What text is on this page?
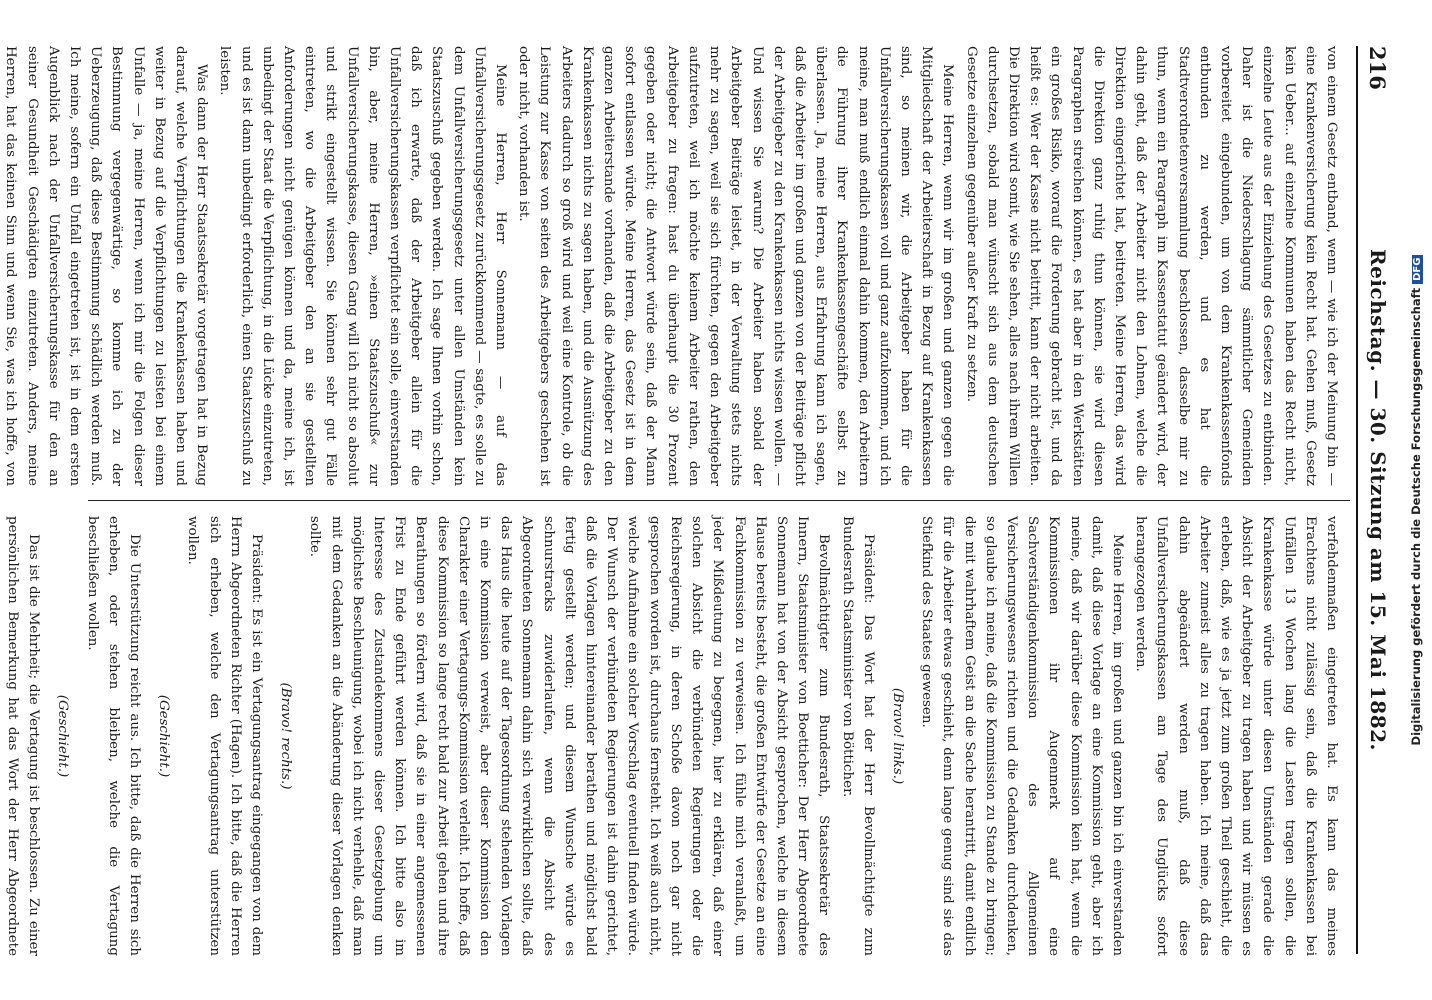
216
Reichstag. — 30. Sitzung am 15. Mai 1882.

von einem Gesetz entband, wenn — wie ich der Meinung bin — eine Krankenversicherung kein Recht hat. Gehen muß, Gesetz kein Ueber... auf einzelne Kommunen haben das Recht nicht, einzelne Leute aus der Einziehung des Gesetzes zu entbinden. Daher ist die Niederschlagung sämmtlicher Gemeinden vorbereitet eingebunden, um von dem Krankenkassenfonds entbunden zu werden, und es hat die Stadtverordnetenversammlung beschlossen, dasselbe mir zu thun, wenn ein Paragraph im Kassenstatut geändert wird, der dahin geht, daß der Arbeiter nicht den Lohnen, welche die Direktion eingerichtet hat, beitreten. Meine Herren, das wird die Direktion ganz ruhig thun können, sie wird diesen Paragraphen streichen können, es hat aber in den Werkstätten ein großes Risiko, worauf die Forderung gebracht ist, und da heißt es: Wer der Kasse nicht beitritt, kann der nicht arbeiten. Die Direktion wird somit, wie Sie sehen, alles nach ihrem Willen durchsetzen, sobald man wünscht sich aus dem deutschen Gesetze einzelnen gegenüber außer Kraft zu setzen.

Meine Herren, wenn wir im großen und ganzen gegen die Mitgliedschaft der Arbeiterschaft in Bezug auf Krankenkassen sind, so meinen wir, die Arbeitgeber haben für die Unfallversicherungskassen voll und ganz aufzukommen, und ich meine, man muß endlich einmal dahin kommen, den Arbeitern die Führung ihrer Krankenkassengeschäfte selbst zu überlassen. Ja, meine Herren, aus Erfahrung kann ich sagen, daß die Arbeiter im großen und ganzen von der Beiträge pflicht der Arbeitgeber zu den Krankenkassen nichts wissen wollen. — Und wissen Sie warum? Die Arbeiter haben sobald der Arbeitgeber Beiträge leistet, in der Verwaltung stets nichts mehr zu sagen, weil sie sich fürchten, gegen den Arbeitgeber aufzutreten, weil ich möchte keinem Arbeiter rathen, den Arbeitgeber zu fragen: hast du überhaupt die 30 Prozent gegeben oder nicht; die Antwort würde sein, daß der Mann sofort entlassen würde. Meine Herren, das Gesetz ist in dem ganzen Arbeiterstande vorhanden, daß die Arbeitgeber zu den Krankenkassen nichts zu sagen haben, und die Ausnützung des Arbeiters dadurch so groß wird und weil eine Kontrole, ob die Leistung zur Kasse von seiten des Arbeitgebers geschehen ist oder nicht, vorhanden ist.

Meine Herren, Herr Sonnemann — auf das Unfallversicherungsgesetz zurückkommend — sagte, es solle zu dem Unfallversicherungsgesetz unter allen Umständen kein Staatszuschuß gegeben werden. Ich sage Ihnen vorhin schon, daß ich erwarte, daß der Arbeitgeber allein für die Unfallversicherungskassen verpflichtet sein solle, einverstanden bin, aber, meine Herren, »einen Staatszuschuß« zur Unfallversicherungskasse, diesen Gang will ich nicht so absolut und strikt eingestellt wissen. Sie können sehr gut Fälle eintreten, wo die Arbeitgeber den an sie gestellten Anforderungen nicht genügen können und da, meine ich, ist unbedingt der Staat die Verpflichtung, in die Lücke einzutreten, und es ist dann unbedingt erforderlich, einen Staatszuschuß zu leisten.

Was dann der Herr Staatssekretär vorgetragen hat in Bezug darauf, welche Verpflichtungen die Krankenkassen haben und weiter in Bezug auf die Verpflichtungen zu leisten bei einem Unfalle — ja, meine Herren, wenn ich mir die Folgen dieser Bestimmung vergegenwärtige, so komme ich zu der Ueberzeugung, daß diese Bestimmung schädlich werden muß. Ich meine, sofern ein Unfall eingetreten ist, ist in dem ersten Augenblick nach der Unfallversicherungskasse für den an seiner Gesundheit Geschädigten einzutreten. Anders, meine Herren, hat das keinen Sinn und wenn Sie, was ich hoffe, von

verfehdenmaßen eingetreten hat. Es kann das meines Erachtens nicht zulässig sein, daß die Krankenkassen bei Unfällen 13 Wochen lang die Lasten tragen sollen, die Krankenkasse würde unter diesen Umständen gerade die Absicht der Arbeitgeber zu tragen haben und wir müssen es erleben, daß, wie es ja jetzt zum großen Theil geschieht, die Arbeiter zumeist alles zu tragen haben. Ich meine, daß das dahin abgeändert werden muß, daß diese Unfallversicherungskassen am Tage des Unglücks sofort herangezogen werden.

Meine Herren, im großen und ganzen bin ich einverstanden damit, daß diese Vorlage an eine Kommission geht, aber ich meine, daß wir darüber diese Kommission kein hat, wenn die Kommissionen ihr Augenmerk auf eine Sachverständigenkommission des Allgemeinen Versicherungswesens richten und die Gedanken durchdenken, so glaube ich meine, daß die Kommission zu Stande zu bringen; die mit wahrhaftem Geist an die Sache herantritt, damit endlich für die Arbeiter etwas geschieht, denn lange genug sind sie das Stiefkind des Staates gewesen.

(Bravo! links.)

Präsident: Das Wort hat der Herr Bevollmächtigte zum Bundesrath Staatsminister von Bötticher.

Bevollmächtigter zum Bundesrath, Staatssekretär des Innern, Staatsminister von Boetticher: Der Herr Abgeordnete Sonnemann hat von der Absicht gesprochen, welche in diesem Hause bereits besteht, die großen Entwürfe der Gesetze an eine Fachkommission zu verweisen. Ich fühle mich veranlaßt, um jeder Mißdeutung zu begegnen, hier zu erklären, daß einer solchen Absicht die verbündeten Regierungen oder die Reichsregierung, in deren Schoße davon noch gar nicht gesprochen worden ist, durchaus fernsteht. Ich weiß auch nicht, welche Aufnahme ein solcher Vorschlag eventuell finden würde. Der Wunsch der verbündeten Regierungen ist dahin gerichtet, daß die Vorlagen hintereinander berathen und möglichst bald fertig gestellt werden; und diesem Wunsche würde es schnurstracks zuwiderlaufen, wenn die Absicht des Abgeordneten Sonnemann dahin sich verwirklichen sollte, daß das Haus die heute auf der Tagesordnung stehenden Vorlagen in eine Kommission verweist, aber dieser Kommission den Charakter einer Vertagungs-Kommission verleiht. Ich hoffe, daß diese Kommission so lange recht bald zur Arbeit gehen und ihre Berathungen so fördern wird, daß sie in einer angemessenen Frist zu Ende geführt werden können. Ich bitte also im Interesse des Zustandekommens dieser Gesetzgebung um möglichste Beschleunigung, wobei ich nicht verhehle, daß man mit dem Gedanken an die Abänderung dieser Vorlagen denken sollte.

(Bravo! rechts.)

Präsident: Es ist ein Vertagungsantrag eingegangen von dem Herrn Abgeordneten Richter (Hagen). Ich bitte, daß die Herren sich erheben, welche den Vertagungsantrag unterstützen wollen.

(Geschieht.)

Die Unterstützung reicht aus. Ich bitte, daß die Herren sich erheben, oder stehen bleiben, welche die Vertagung beschließen wollen.

(Geschieht.)

Das ist die Mehrheit; die Vertagung ist beschlossen. Zu einer persönlichen Bemerkung hat das Wort der Herr Abgeordnete

Digitalisierung gefördert durch die Deutsche ForschungsgemeinschaftDFG
